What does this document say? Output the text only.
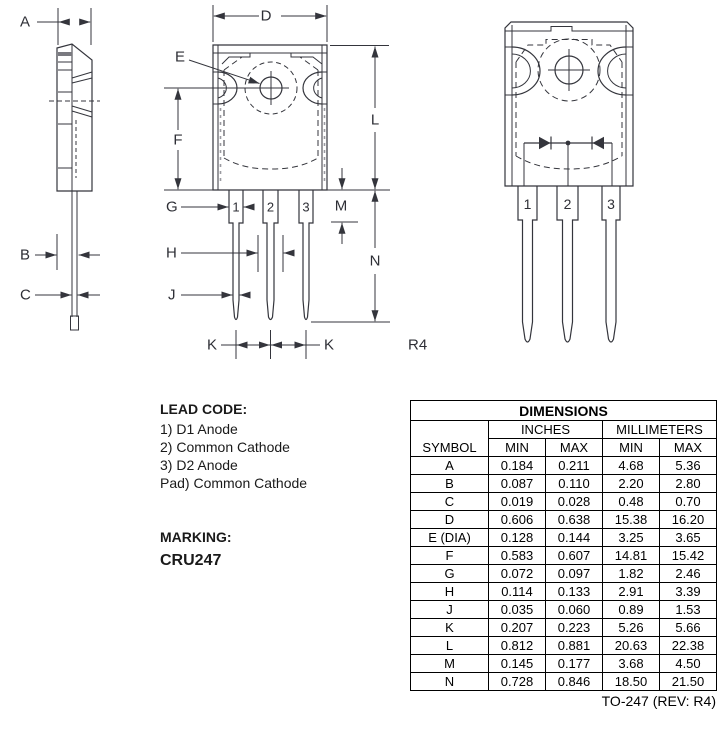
A
B
C
D
E
F
L
M
N
G
H
J
K	K
1 2 3
R4
1 2	3

LEAD CODE:

1) D1 Anode

2) Common Cathode

3) D2 Anode

Pad) Common Cathode

MARKING:

CRU247

DIMENSIONS				
SYMBOL	INCHES		MILLIMETERS	
	MIN	MAX	MIN	MAX
A	0.184	0.211	4.68	5.36
B	0.087	0.110	2.20	2.80
C	0.019	0.028	0.48	0.70
D	0.606	0.638	15.38	16.20
E (DIA)	0.128	0.144	3.25	3.65
F	0.583	0.607	14.81	15.42
G	0.072	0.097	1.82	2.46
H	0.114	0.133	2.91	3.39
J	0.035	0.060	0.89	1.53
K	0.207	0.223	5.26	5.66
L	0.812	0.881	20.63	22.38
M	0.145	0.177	3.68	4.50
N	0.728	0.846	18.50	21.50
TO-247 (REV: R4)
